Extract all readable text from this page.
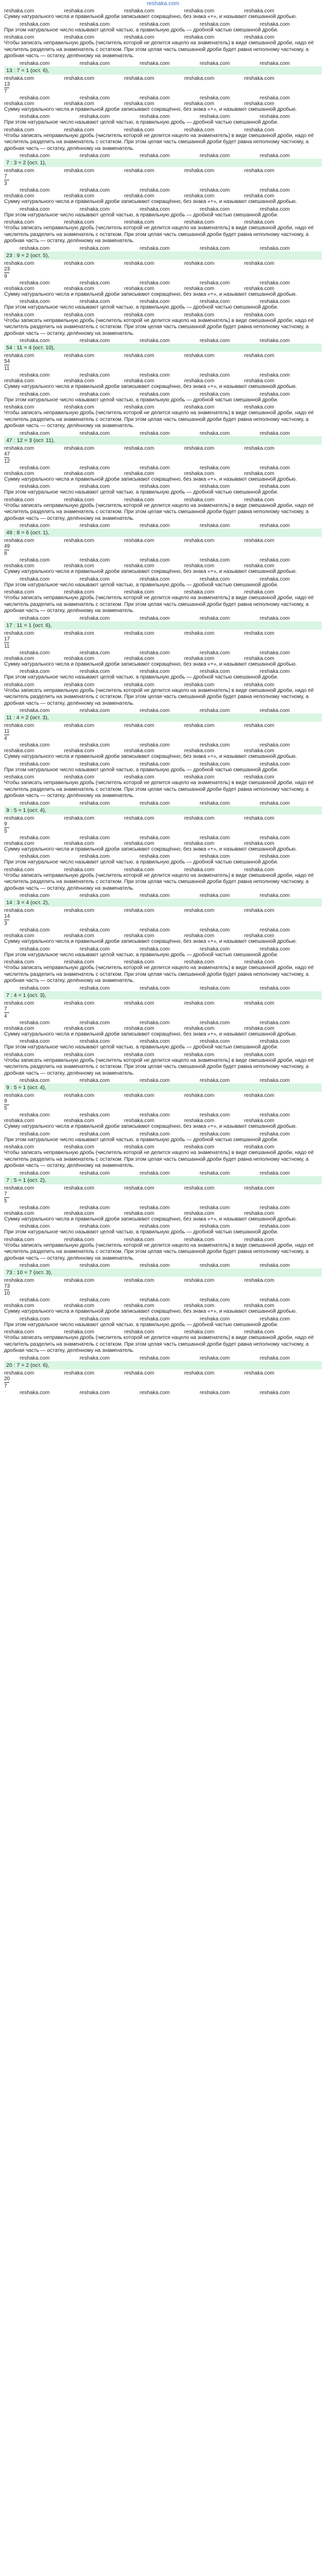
reshaka.com
reshaka.com	reshaka.com	reshaka.com	reshaka.com	reshaka.com

Сумму натурального числа и правильной дроби записывают сокращённо, без знака «+», и называют смешанной дробью.

reshaka.com	reshaka.com	reshaka.com	reshaka.com	reshaka.com

При этом натуральное число называют целой частью, а правильную дробь — дробной частью смешанной дроби.

reshaka.com	reshaka.com	reshaka.com	reshaka.com	reshaka.com

Чтобы записать неправильную дробь (числитель которой не делится нацело на знаменатель) в виде смешанной дроби, надо её числитель разделить на знаменатель с остатком. При этом целая часть смешанной дроби будет равна неполному частному, а дробная часть — остатку, делённому на знаменатель.

reshaka.com	reshaka.com	reshaka.com	reshaka.com	reshaka.com
13 : 7 = 1 (ост. 6),
reshaka.com	reshaka.com	reshaka.com	reshaka.com	reshaka.com
13
7
reshaka.com	reshaka.com	reshaka.com	reshaka.com	reshaka.com
reshaka.com	reshaka.com	reshaka.com	reshaka.com	reshaka.com

Сумму натурального числа и правильной дроби записывают сокращённо, без знака «+», и называют смешанной дробью.

reshaka.com	reshaka.com	reshaka.com	reshaka.com	reshaka.com

При этом натуральное число называют целой частью, а правильную дробь — дробной частью смешанной дроби.

reshaka.com	reshaka.com	reshaka.com	reshaka.com	reshaka.com

Чтобы записать неправильную дробь (числитель которой не делится нацело на знаменатель) в виде смешанной дроби, надо её числитель разделить на знаменатель с остатком. При этом целая часть смешанной дроби будет равна неполному частному, а дробная часть — остатку, делённому на знаменатель.

reshaka.com	reshaka.com	reshaka.com	reshaka.com	reshaka.com
7 : 3 = 2 (ост. 1),
reshaka.com	reshaka.com	reshaka.com	reshaka.com	reshaka.com
7
3
reshaka.com	reshaka.com	reshaka.com	reshaka.com	reshaka.com
reshaka.com	reshaka.com	reshaka.com	reshaka.com	reshaka.com

Сумму натурального числа и правильной дроби записывают сокращённо, без знака «+», и называют смешанной дробью.

reshaka.com	reshaka.com	reshaka.com	reshaka.com	reshaka.com

При этом натуральное число называют целой частью, а правильную дробь — дробной частью смешанной дроби.

reshaka.com	reshaka.com	reshaka.com	reshaka.com	reshaka.com

Чтобы записать неправильную дробь (числитель которой не делится нацело на знаменатель) в виде смешанной дроби, надо её числитель разделить на знаменатель с остатком. При этом целая часть смешанной дроби будет равна неполному частному, а дробная часть — остатку, делённому на знаменатель.

reshaka.com	reshaka.com	reshaka.com	reshaka.com	reshaka.com
23 : 9 = 2 (ост. 5),
reshaka.com	reshaka.com	reshaka.com	reshaka.com	reshaka.com
23
9
reshaka.com	reshaka.com	reshaka.com	reshaka.com	reshaka.com
reshaka.com	reshaka.com	reshaka.com	reshaka.com	reshaka.com

Сумму натурального числа и правильной дроби записывают сокращённо, без знака «+», и называют смешанной дробью.

reshaka.com	reshaka.com	reshaka.com	reshaka.com	reshaka.com

При этом натуральное число называют целой частью, а правильную дробь — дробной частью смешанной дроби.

reshaka.com	reshaka.com	reshaka.com	reshaka.com	reshaka.com

Чтобы записать неправильную дробь (числитель которой не делится нацело на знаменатель) в виде смешанной дроби, надо её числитель разделить на знаменатель с остатком. При этом целая часть смешанной дроби будет равна неполному частному, а дробная часть — остатку, делённому на знаменатель.

reshaka.com	reshaka.com	reshaka.com	reshaka.com	reshaka.com
54 : 11 = 4 (ост. 10),
reshaka.com	reshaka.com	reshaka.com	reshaka.com	reshaka.com
54
11
reshaka.com	reshaka.com	reshaka.com	reshaka.com	reshaka.com
reshaka.com	reshaka.com	reshaka.com	reshaka.com	reshaka.com

Сумму натурального числа и правильной дроби записывают сокращённо, без знака «+», и называют смешанной дробью.

reshaka.com	reshaka.com	reshaka.com	reshaka.com	reshaka.com

При этом натуральное число называют целой частью, а правильную дробь — дробной частью смешанной дроби.

reshaka.com	reshaka.com	reshaka.com	reshaka.com	reshaka.com

Чтобы записать неправильную дробь (числитель которой не делится нацело на знаменатель) в виде смешанной дроби, надо её числитель разделить на знаменатель с остатком. При этом целая часть смешанной дроби будет равна неполному частному, а дробная часть — остатку, делённому на знаменатель.

reshaka.com	reshaka.com	reshaka.com	reshaka.com	reshaka.com
47 : 12 = 3 (ост. 11),
reshaka.com	reshaka.com	reshaka.com	reshaka.com	reshaka.com
47
12
reshaka.com	reshaka.com	reshaka.com	reshaka.com	reshaka.com
reshaka.com	reshaka.com	reshaka.com	reshaka.com	reshaka.com

Сумму натурального числа и правильной дроби записывают сокращённо, без знака «+», и называют смешанной дробью.

reshaka.com	reshaka.com	reshaka.com	reshaka.com	reshaka.com

При этом натуральное число называют целой частью, а правильную дробь — дробной частью смешанной дроби.

reshaka.com	reshaka.com	reshaka.com	reshaka.com	reshaka.com

Чтобы записать неправильную дробь (числитель которой не делится нацело на знаменатель) в виде смешанной дроби, надо её числитель разделить на знаменатель с остатком. При этом целая часть смешанной дроби будет равна неполному частному, а дробная часть — остатку, делённому на знаменатель.

reshaka.com	reshaka.com	reshaka.com	reshaka.com	reshaka.com
49 : 8 = 6 (ост. 1),
reshaka.com	reshaka.com	reshaka.com	reshaka.com	reshaka.com
49
8
reshaka.com	reshaka.com	reshaka.com	reshaka.com	reshaka.com
reshaka.com	reshaka.com	reshaka.com	reshaka.com	reshaka.com

Сумму натурального числа и правильной дроби записывают сокращённо, без знака «+», и называют смешанной дробью.

reshaka.com	reshaka.com	reshaka.com	reshaka.com	reshaka.com

При этом натуральное число называют целой частью, а правильную дробь — дробной частью смешанной дроби.

reshaka.com	reshaka.com	reshaka.com	reshaka.com	reshaka.com

Чтобы записать неправильную дробь (числитель которой не делится нацело на знаменатель) в виде смешанной дроби, надо её числитель разделить на знаменатель с остатком. При этом целая часть смешанной дроби будет равна неполному частному, а дробная часть — остатку, делённому на знаменатель.

reshaka.com	reshaka.com	reshaka.com	reshaka.com	reshaka.com
17 : 11 = 1 (ост. 6),
reshaka.com	reshaka.com	reshaka.com	reshaka.com	reshaka.com
17
11
reshaka.com	reshaka.com	reshaka.com	reshaka.com	reshaka.com
reshaka.com	reshaka.com	reshaka.com	reshaka.com	reshaka.com

Сумму натурального числа и правильной дроби записывают сокращённо, без знака «+», и называют смешанной дробью.

reshaka.com	reshaka.com	reshaka.com	reshaka.com	reshaka.com

При этом натуральное число называют целой частью, а правильную дробь — дробной частью смешанной дроби.

reshaka.com	reshaka.com	reshaka.com	reshaka.com	reshaka.com

Чтобы записать неправильную дробь (числитель которой не делится нацело на знаменатель) в виде смешанной дроби, надо её числитель разделить на знаменатель с остатком. При этом целая часть смешанной дроби будет равна неполному частному, а дробная часть — остатку, делённому на знаменатель.

reshaka.com	reshaka.com	reshaka.com	reshaka.com	reshaka.com
11 : 4 = 2 (ост. 3),
reshaka.com	reshaka.com	reshaka.com	reshaka.com	reshaka.com
11
4
reshaka.com	reshaka.com	reshaka.com	reshaka.com	reshaka.com
reshaka.com	reshaka.com	reshaka.com	reshaka.com	reshaka.com

Сумму натурального числа и правильной дроби записывают сокращённо, без знака «+», и называют смешанной дробью.

reshaka.com	reshaka.com	reshaka.com	reshaka.com	reshaka.com

При этом натуральное число называют целой частью, а правильную дробь — дробной частью смешанной дроби.

reshaka.com	reshaka.com	reshaka.com	reshaka.com	reshaka.com

Чтобы записать неправильную дробь (числитель которой не делится нацело на знаменатель) в виде смешанной дроби, надо её числитель разделить на знаменатель с остатком. При этом целая часть смешанной дроби будет равна неполному частному, а дробная часть — остатку, делённому на знаменатель.

reshaka.com	reshaka.com	reshaka.com	reshaka.com	reshaka.com
9 : 5 = 1 (ост. 4),
reshaka.com	reshaka.com	reshaka.com	reshaka.com	reshaka.com
9
5
reshaka.com	reshaka.com	reshaka.com	reshaka.com	reshaka.com
reshaka.com	reshaka.com	reshaka.com	reshaka.com	reshaka.com

Сумму натурального числа и правильной дроби записывают сокращённо, без знака «+», и называют смешанной дробью.

reshaka.com	reshaka.com	reshaka.com	reshaka.com	reshaka.com

При этом натуральное число называют целой частью, а правильную дробь — дробной частью смешанной дроби.

reshaka.com	reshaka.com	reshaka.com	reshaka.com	reshaka.com

Чтобы записать неправильную дробь (числитель которой не делится нацело на знаменатель) в виде смешанной дроби, надо её числитель разделить на знаменатель с остатком. При этом целая часть смешанной дроби будет равна неполному частному, а дробная часть — остатку, делённому на знаменатель.

reshaka.com	reshaka.com	reshaka.com	reshaka.com	reshaka.com
14 : 3 = 4 (ост. 2),
reshaka.com	reshaka.com	reshaka.com	reshaka.com	reshaka.com
14
3
reshaka.com	reshaka.com	reshaka.com	reshaka.com	reshaka.com
reshaka.com	reshaka.com	reshaka.com	reshaka.com	reshaka.com

Сумму натурального числа и правильной дроби записывают сокращённо, без знака «+», и называют смешанной дробью.

reshaka.com	reshaka.com	reshaka.com	reshaka.com	reshaka.com

При этом натуральное число называют целой частью, а правильную дробь — дробной частью смешанной дроби.

reshaka.com	reshaka.com	reshaka.com	reshaka.com	reshaka.com

Чтобы записать неправильную дробь (числитель которой не делится нацело на знаменатель) в виде смешанной дроби, надо её числитель разделить на знаменатель с остатком. При этом целая часть смешанной дроби будет равна неполному частному, а дробная часть — остатку, делённому на знаменатель.

reshaka.com	reshaka.com	reshaka.com	reshaka.com	reshaka.com
7 : 4 = 1 (ост. 3),
reshaka.com	reshaka.com	reshaka.com	reshaka.com	reshaka.com
7
4
reshaka.com	reshaka.com	reshaka.com	reshaka.com	reshaka.com
reshaka.com	reshaka.com	reshaka.com	reshaka.com	reshaka.com

Сумму натурального числа и правильной дроби записывают сокращённо, без знака «+», и называют смешанной дробью.

reshaka.com	reshaka.com	reshaka.com	reshaka.com	reshaka.com

При этом натуральное число называют целой частью, а правильную дробь — дробной частью смешанной дроби.

reshaka.com	reshaka.com	reshaka.com	reshaka.com	reshaka.com

Чтобы записать неправильную дробь (числитель которой не делится нацело на знаменатель) в виде смешанной дроби, надо её числитель разделить на знаменатель с остатком. При этом целая часть смешанной дроби будет равна неполному частному, а дробная часть — остатку, делённому на знаменатель.

reshaka.com	reshaka.com	reshaka.com	reshaka.com	reshaka.com
9 : 5 = 1 (ост. 4),
reshaka.com	reshaka.com	reshaka.com	reshaka.com	reshaka.com
9
5
reshaka.com	reshaka.com	reshaka.com	reshaka.com	reshaka.com
reshaka.com	reshaka.com	reshaka.com	reshaka.com	reshaka.com

Сумму натурального числа и правильной дроби записывают сокращённо, без знака «+», и называют смешанной дробью.

reshaka.com	reshaka.com	reshaka.com	reshaka.com	reshaka.com

При этом натуральное число называют целой частью, а правильную дробь — дробной частью смешанной дроби.

reshaka.com	reshaka.com	reshaka.com	reshaka.com	reshaka.com

Чтобы записать неправильную дробь (числитель которой не делится нацело на знаменатель) в виде смешанной дроби, надо её числитель разделить на знаменатель с остатком. При этом целая часть смешанной дроби будет равна неполному частному, а дробная часть — остатку, делённому на знаменатель.

reshaka.com	reshaka.com	reshaka.com	reshaka.com	reshaka.com
7 : 5 = 1 (ост. 2),
reshaka.com	reshaka.com	reshaka.com	reshaka.com	reshaka.com
7
5
reshaka.com	reshaka.com	reshaka.com	reshaka.com	reshaka.com
reshaka.com	reshaka.com	reshaka.com	reshaka.com	reshaka.com

Сумму натурального числа и правильной дроби записывают сокращённо, без знака «+», и называют смешанной дробью.

reshaka.com	reshaka.com	reshaka.com	reshaka.com	reshaka.com

При этом натуральное число называют целой частью, а правильную дробь — дробной частью смешанной дроби.

reshaka.com	reshaka.com	reshaka.com	reshaka.com	reshaka.com

Чтобы записать неправильную дробь (числитель которой не делится нацело на знаменатель) в виде смешанной дроби, надо её числитель разделить на знаменатель с остатком. При этом целая часть смешанной дроби будет равна неполному частному, а дробная часть — остатку, делённому на знаменатель.

reshaka.com	reshaka.com	reshaka.com	reshaka.com	reshaka.com
73 : 10 = 7 (ост. 3),
reshaka.com	reshaka.com	reshaka.com	reshaka.com	reshaka.com
73
10
reshaka.com	reshaka.com	reshaka.com	reshaka.com	reshaka.com
reshaka.com	reshaka.com	reshaka.com	reshaka.com	reshaka.com

Сумму натурального числа и правильной дроби записывают сокращённо, без знака «+», и называют смешанной дробью.

reshaka.com	reshaka.com	reshaka.com	reshaka.com	reshaka.com

При этом натуральное число называют целой частью, а правильную дробь — дробной частью смешанной дроби.

reshaka.com	reshaka.com	reshaka.com	reshaka.com	reshaka.com

Чтобы записать неправильную дробь (числитель которой не делится нацело на знаменатель) в виде смешанной дроби, надо её числитель разделить на знаменатель с остатком. При этом целая часть смешанной дроби будет равна неполному частному, а дробная часть — остатку, делённому на знаменатель.

reshaka.com	reshaka.com	reshaka.com	reshaka.com	reshaka.com
20 : 7 = 2 (ост. 6),
reshaka.com	reshaka.com	reshaka.com	reshaka.com	reshaka.com
20
7
reshaka.com	reshaka.com	reshaka.com	reshaka.com	reshaka.com
